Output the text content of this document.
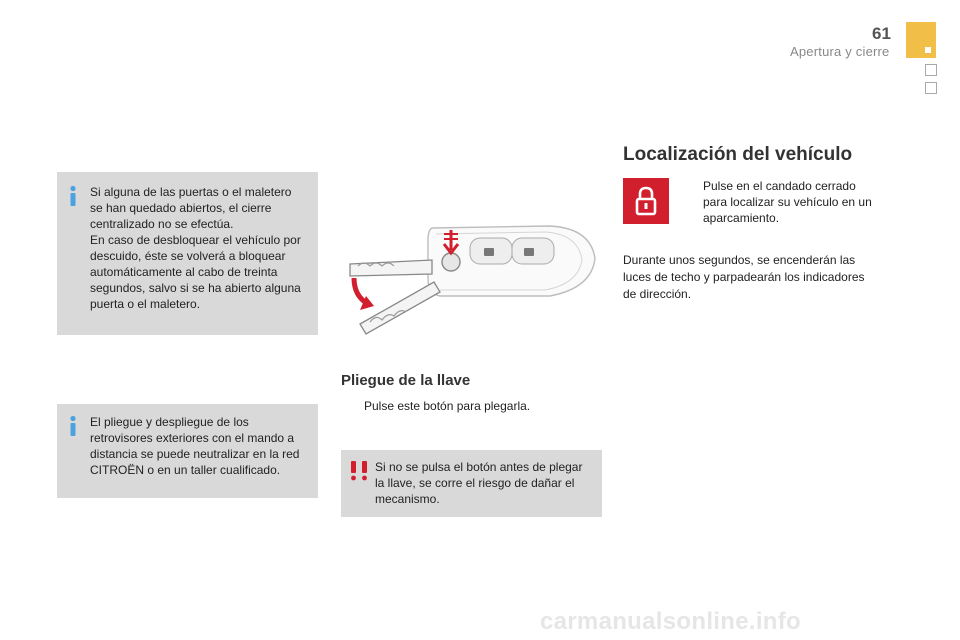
61
Apertura y cierre

Si alguna de las puertas o el maletero

se han quedado abiertos, el cierre

centralizado no se efectúa.

En caso de desbloquear el vehículo por

descuido, éste se volverá a bloquear

automáticamente al cabo de treinta

segundos, salvo si se ha abierto alguna

puerta o el maletero.

El pliegue y despliegue de los

retrovisores exteriores con el mando a

distancia se puede neutralizar en la red

CITROËN o en un taller cualificado.

Pliegue de la llave
Pulse este botón para plegarla.

Si no se pulsa el botón antes de plegar

la llave, se corre el riesgo de dañar el

mecanismo.

Localización del vehículo
Pulse en el candado cerrado
para localizar su vehículo en un
aparcamiento.
Durante unos segundos, se encenderán las
luces de techo y parpadearán los indicadores
de dirección.
carmanualsonline.info
